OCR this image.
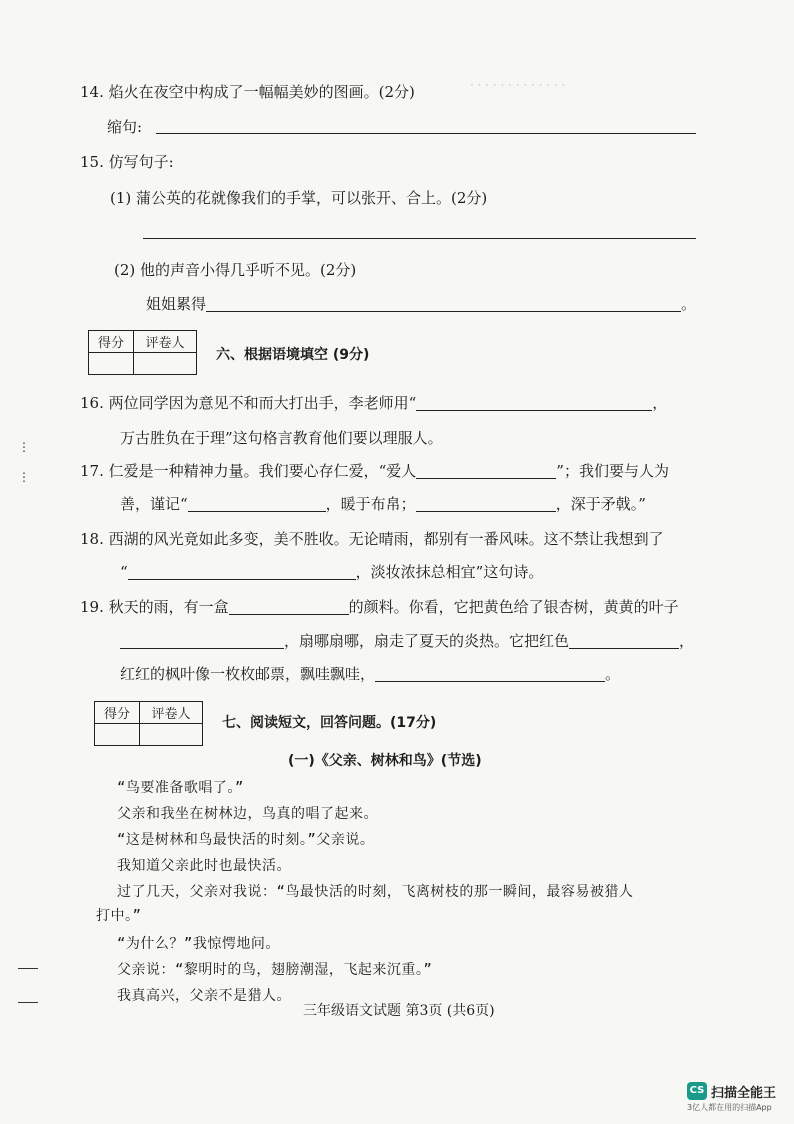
· · · · · · · · · · · · ·
14. 焰火在夜空中构成了一幅幅美妙的图画。(2分)
缩句:
15. 仿写句子:
(1) 蒲公英的花就像我们的手掌，可以张开、合上。(2分)
(2) 他的声音小得几乎听不见。(2分)
姐姐累得	。
得分	评卷人

六、根据语境填空 (9分)
16. 两位同学因为意见不和而大打出手，李老师用“	，
万古胜负在于理”这句格言教育他们要以理服人。
17. 仁爱是一种精神力量。我们要心存仁爱，“爱人	”；我们要与人为
善，谨记“	，暖于布帛；	，深于矛戟。”
18. 西湖的风光竟如此多变，美不胜收。无论晴雨，都别有一番风味。这不禁让我想到了
“	，淡妆浓抹总相宜”这句诗。
19. 秋天的雨，有一盒	的颜料。你看，它把黄色给了银杏树，黄黄的叶子
，扇哪扇哪，扇走了夏天的炎热。它把红色	，
红红的枫叶像一枚枚邮票，飘哇飘哇，	。
得分	评卷人

七、阅读短文，回答问题。(17分)
(一)《父亲、树林和鸟》(节选)
“鸟要准备歌唱了。”
父亲和我坐在树林边，鸟真的唱了起来。
“这是树林和鸟最快活的时刻。”父亲说。
我知道父亲此时也最快活。
过了几天，父亲对我说：“鸟最快活的时刻，飞离树枝的那一瞬间，最容易被猎人
打中。”
“为什么？”我惊愕地问。
父亲说：“黎明时的鸟，翅膀潮湿，飞起来沉重。”
我真高兴，父亲不是猎人。
三年级语文试题 第3页 (共6页)
⋮
⋮
CS 扫描全能王
3亿人都在用的扫描App
